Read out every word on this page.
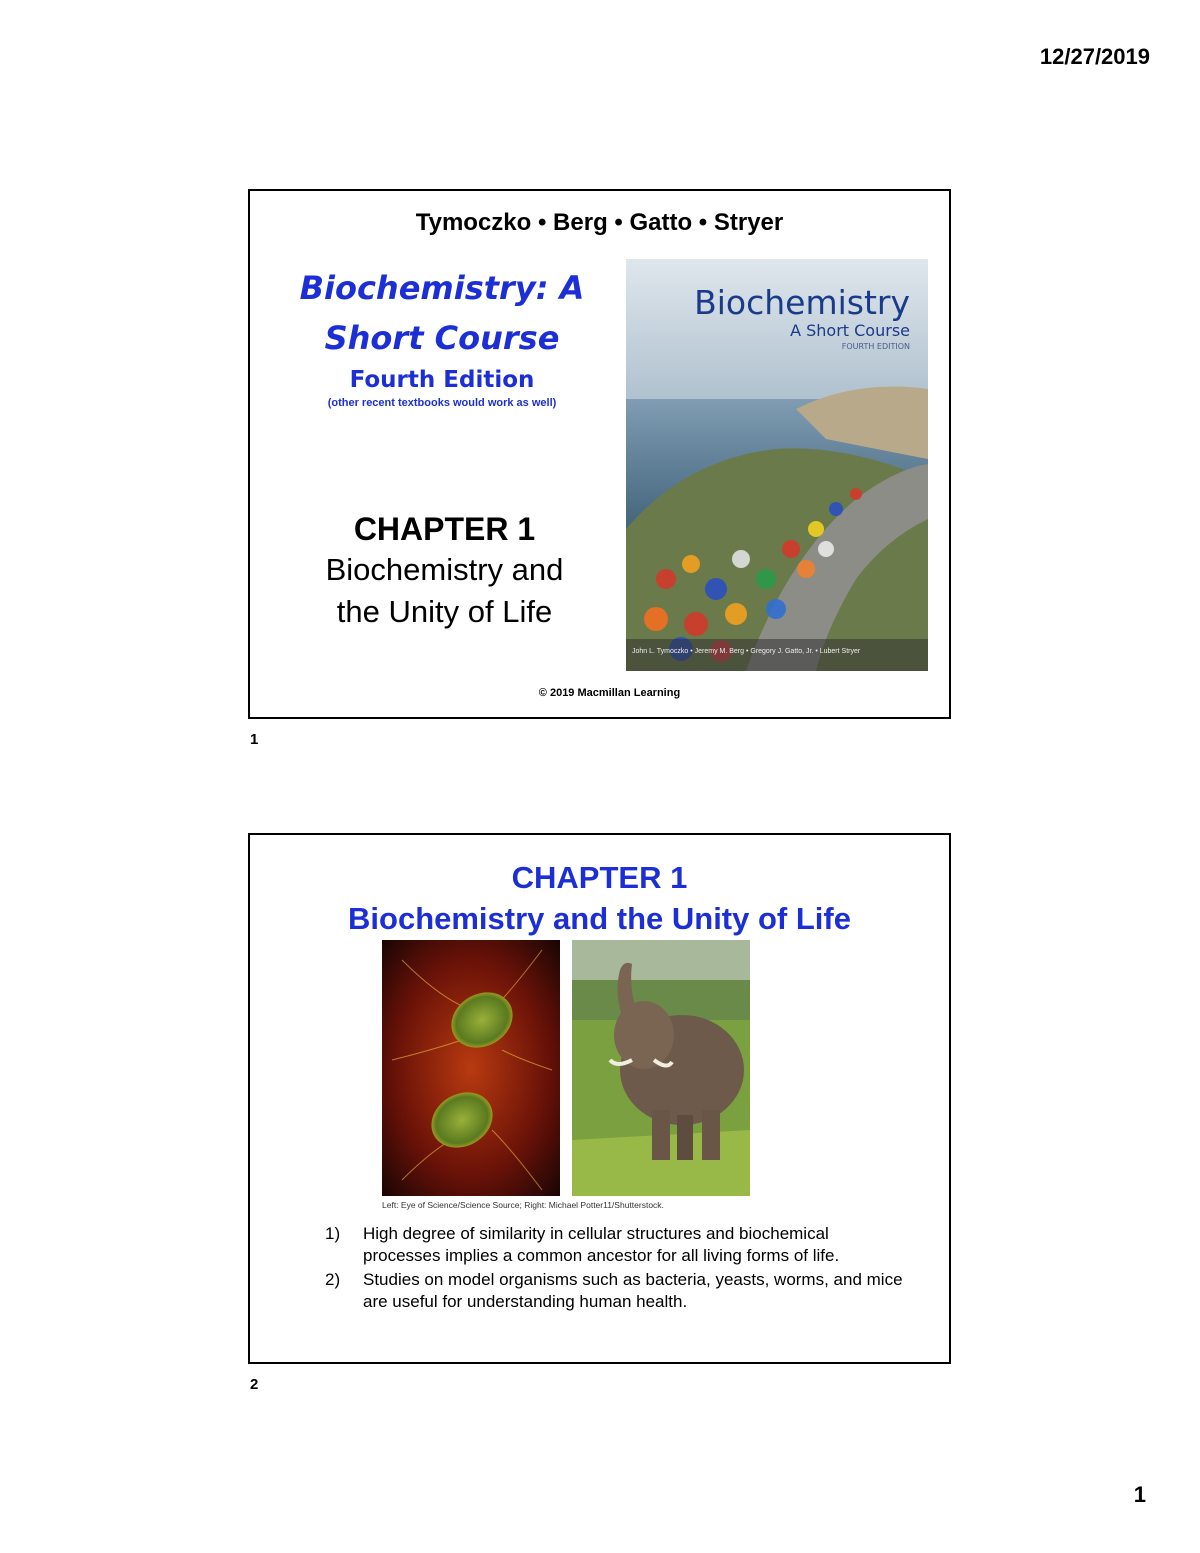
12/27/2019
Tymoczko • Berg • Gatto • Stryer
Biochemistry: A
Short Course
Fourth Edition
(other recent textbooks would work as well)
CHAPTER 1
Biochemistry and
the Unity of Life
Biochemistry
A Short Course
FOURTH EDITION
John L. Tymoczko • Jeremy M. Berg • Gregory J. Gatto, Jr. • Lubert Stryer
© 2019 Macmillan Learning
1
CHAPTER 1
Biochemistry and the Unity of Life
Left: Eye of Science/Science Source; Right: Michael Potter11/Shutterstock.
1) High degree of similarity in cellular structures and biochemical processes implies a common ancestor for all living forms of life.
2) Studies on model organisms such as bacteria, yeasts, worms, and mice are useful for understanding human health.
2
1
